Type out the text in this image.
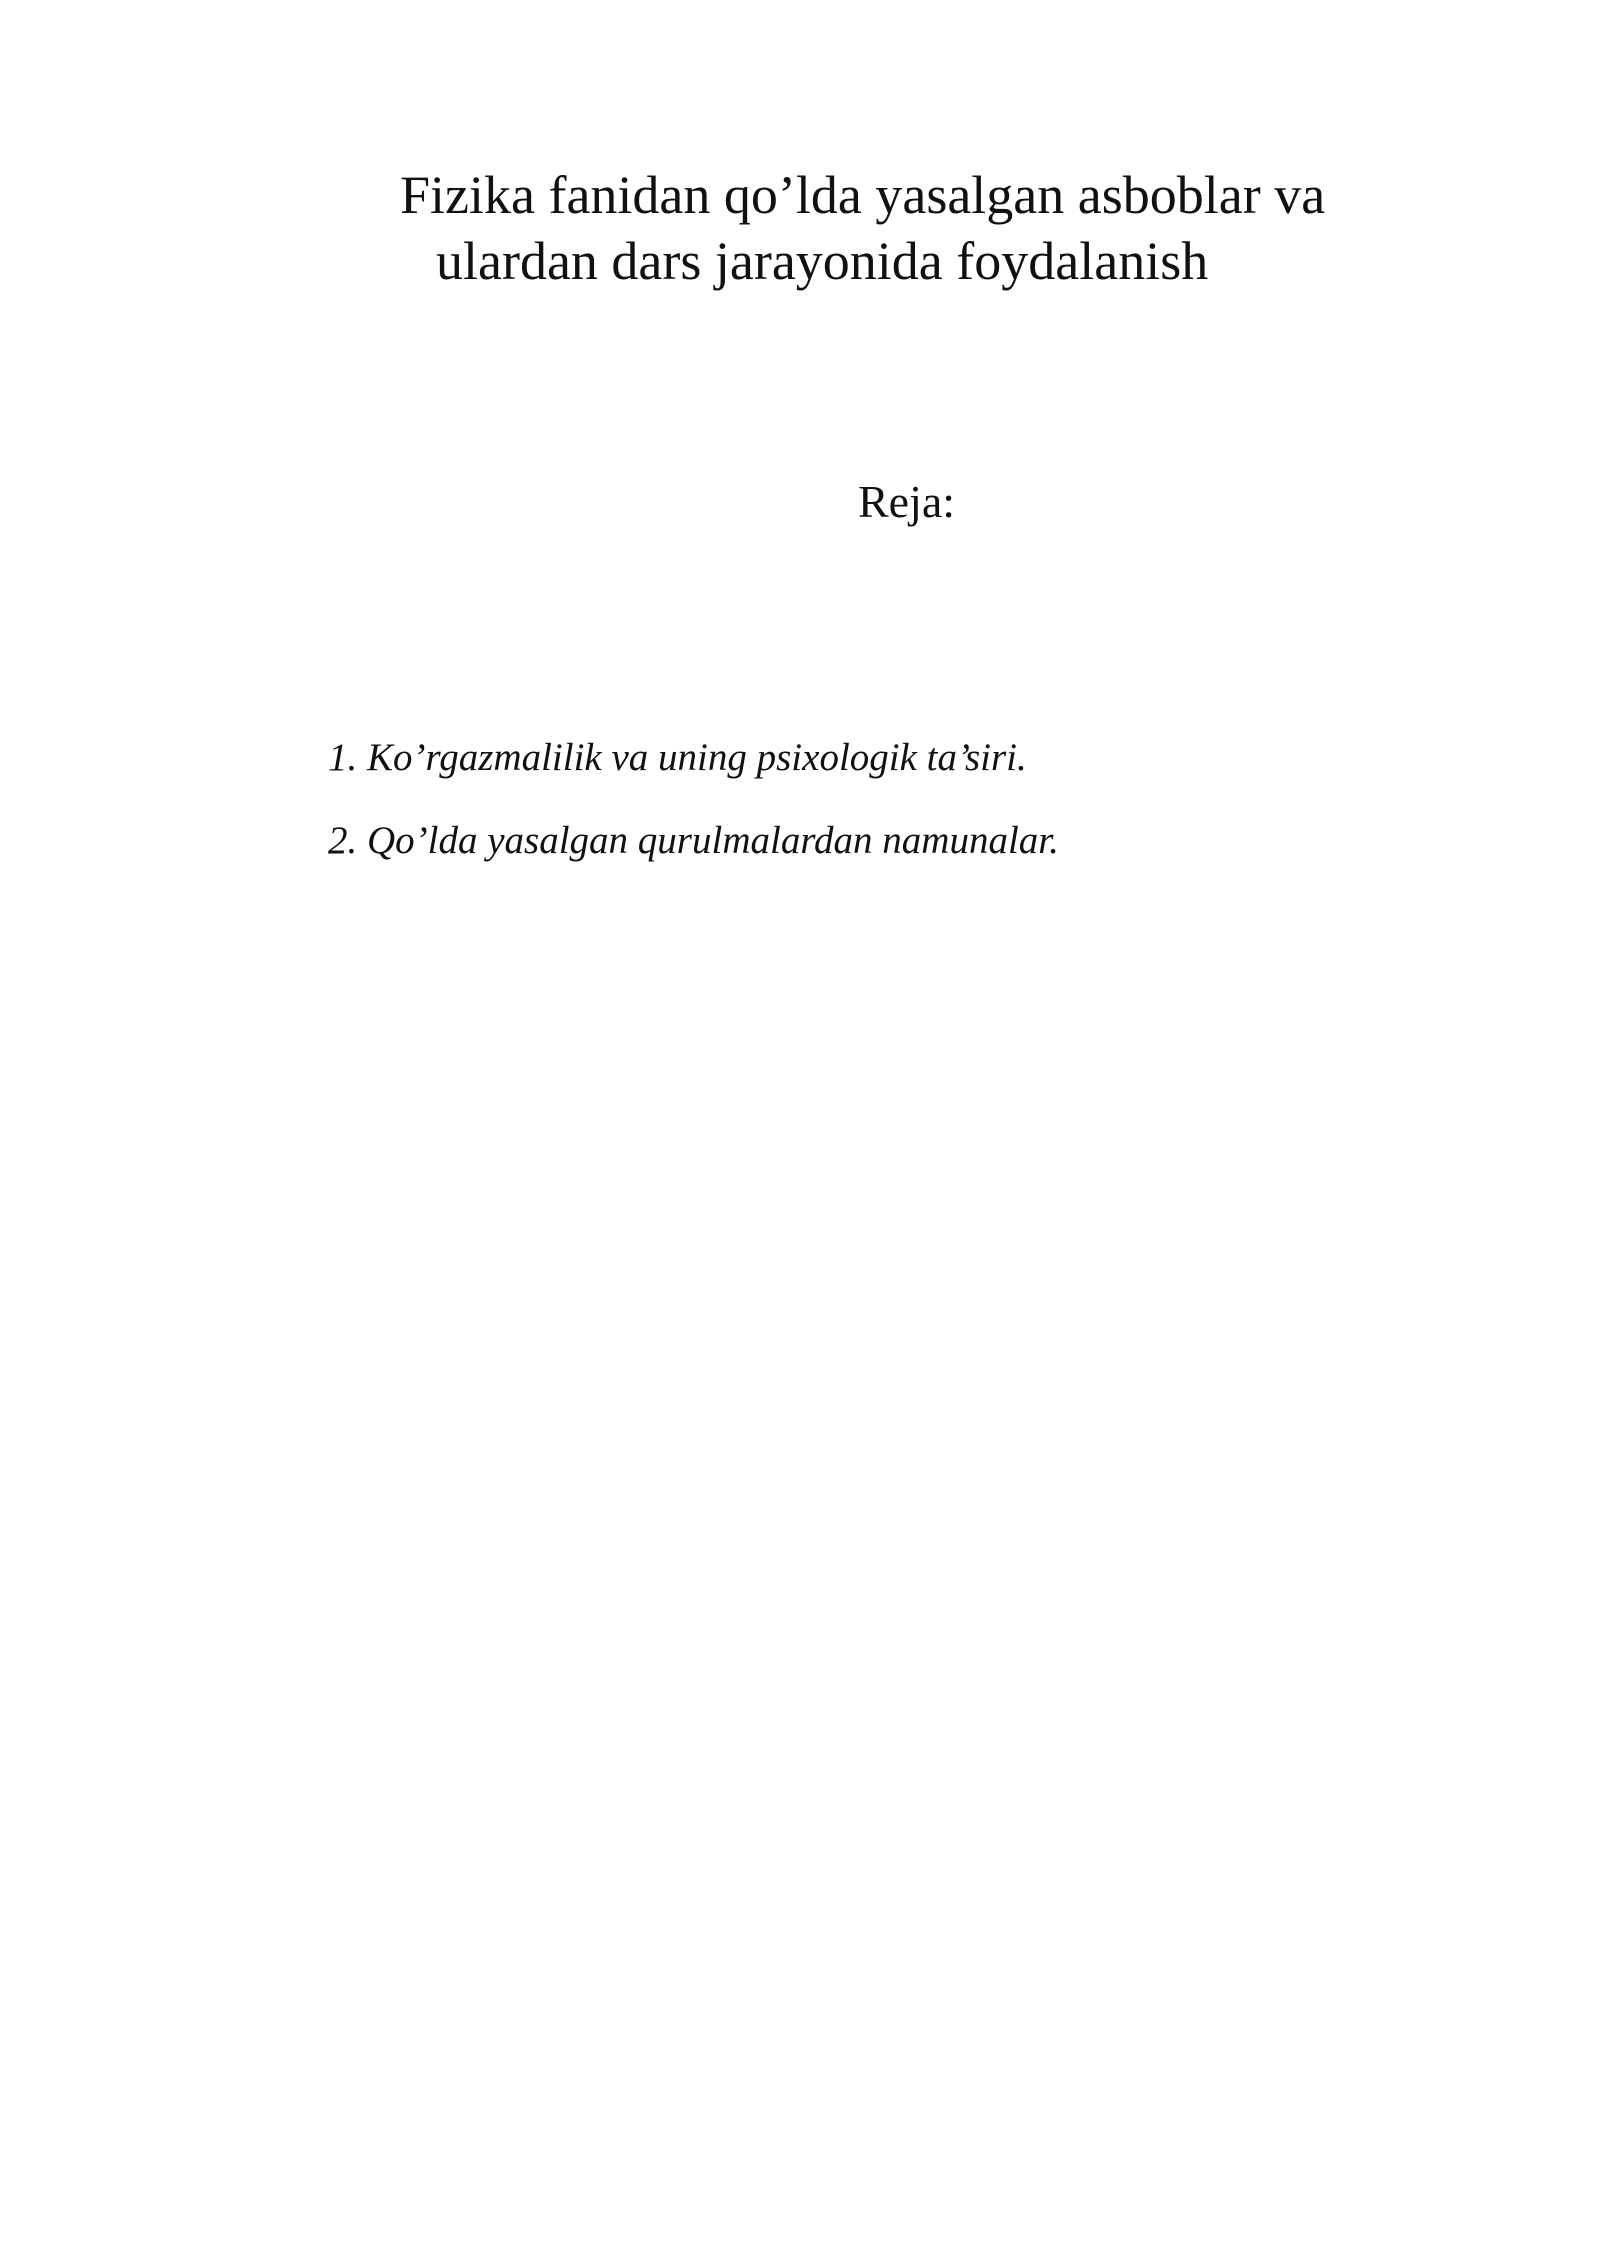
Fizika fanidan qo’lda yasalgan asboblar va
ulardan dars jarayonida foydalanish
Reja:
1. Ko’rgazmalilik va uning psixologik ta’siri.
2. Qo’lda yasalgan qurulmalardan namunalar.
